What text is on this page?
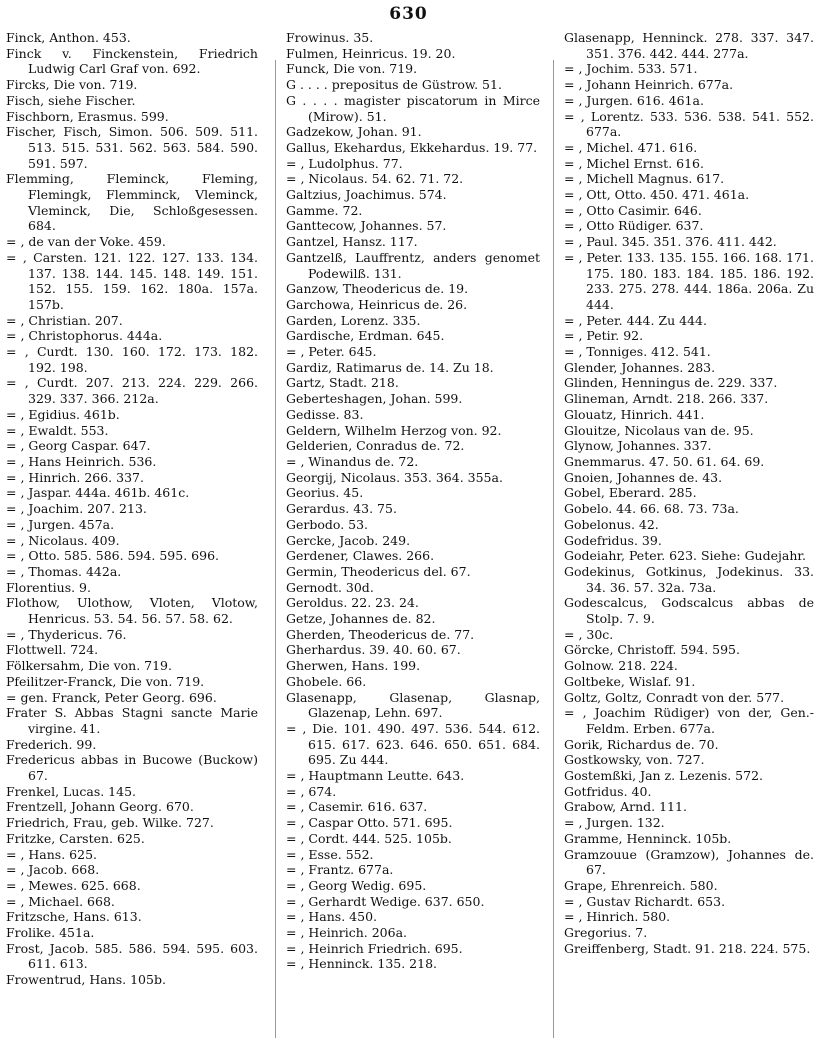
630
Finck, Anthon. 453.
Finck v. Finckenstein, Friedrich Ludwig Carl Graf von. 692.
Fircks, Die von. 719.
Fisch, siehe Fischer.
Fischborn, Erasmus. 599.
Fischer, Fisch, Simon. 506. 509. 511. 513. 515. 531. 562. 563. 584. 590. 591. 597.
Flemming, Fleminck, Fleming, Flemingk, Flemminck, Vleminck, Vleminck, Die, Schloßgesessen. 684.
= , de van der Voke. 459.
= , Carsten. 121. 122. 127. 133. 134. 137. 138. 144. 145. 148. 149. 151. 152. 155. 159. 162. 180a. 157a. 157b.
= , Christian. 207.
= , Christophorus. 444a.
= , Curdt. 130. 160. 172. 173. 182. 192. 198.
= , Curdt. 207. 213. 224. 229. 266. 329. 337. 366. 212a.
= , Egidius. 461b.
= , Ewaldt. 553.
= , Georg Caspar. 647.
= , Hans Heinrich. 536.
= , Hinrich. 266. 337.
= , Jaspar. 444a. 461b. 461c.
= , Joachim. 207. 213.
= , Jurgen. 457a.
= , Nicolaus. 409.
= , Otto. 585. 586. 594. 595. 696.
= , Thomas. 442a.
Florentius. 9.
Flothow, Ulothow, Vloten, Vlotow, Henricus. 53. 54. 56. 57. 58. 62.
= , Thydericus. 76.
Flottwell. 724.
Fölkersahm, Die von. 719.
Pfeilitzer-Franck, Die von. 719.
= gen. Franck, Peter Georg. 696.
Frater S. Abbas Stagni sancte Marie virgine. 41.
Frederich. 99.
Fredericus abbas in Bucowe (Buckow) 67.
Frenkel, Lucas. 145.
Frentzell, Johann Georg. 670.
Friedrich, Frau, geb. Wilke. 727.
Fritzke, Carsten. 625.
= , Hans. 625.
= , Jacob. 668.
= , Mewes. 625. 668.
= , Michael. 668.
Fritzsche, Hans. 613.
Frolike. 451a.
Frost, Jacob. 585. 586. 594. 595. 603. 611. 613.
Frowentrud, Hans. 105b.
Frowinus. 35.
Fulmen, Heinricus. 19. 20.
Funck, Die von. 719.
G . . . . prepositus de Güstrow. 51.
G . . . . magister piscatorum in Mirce (Mirow). 51.
Gadzekow, Johan. 91.
Gallus, Ekehardus, Ekkehardus. 19. 77.
= , Ludolphus. 77.
= , Nicolaus. 54. 62. 71. 72.
Galtzius, Joachimus. 574.
Gamme. 72.
Ganttecow, Johannes. 57.
Gantzel, Hansz. 117.
Gantzelß, Lauffrentz, anders genomet Podewilß. 131.
Ganzow, Theodericus de. 19.
Garchowa, Heinricus de. 26.
Garden, Lorenz. 335.
Gardische, Erdman. 645.
= , Peter. 645.
Gardiz, Ratimarus de. 14. Zu 18.
Gartz, Stadt. 218.
Geberteshagen, Johan. 599.
Gedisse. 83.
Geldern, Wilhelm Herzog von. 92.
Gelderien, Conradus de. 72.
= , Winandus de. 72.
Georgij, Nicolaus. 353. 364. 355a.
Georius. 45.
Gerardus. 43. 75.
Gerbodo. 53.
Gercke, Jacob. 249.
Gerdener, Clawes. 266.
Germin, Theodericus del. 67.
Gernodt. 30d.
Geroldus. 22. 23. 24.
Getze, Johannes de. 82.
Gherden, Theodericus de. 77.
Gherhardus. 39. 40. 60. 67.
Gherwen, Hans. 199.
Ghobele. 66.
Glasenapp, Glasenap, Glasnap, Glazenap, Lehn. 697.
= , Die. 101. 490. 497. 536. 544. 612. 615. 617. 623. 646. 650. 651. 684. 695. Zu 444.
= , Hauptmann Leutte. 643.
= , 674.
= , Casemir. 616. 637.
= , Caspar Otto. 571. 695.
= , Cordt. 444. 525. 105b.
= , Esse. 552.
= , Frantz. 677a.
= , Georg Wedig. 695.
= , Gerhardt Wedige. 637. 650.
= , Hans. 450.
= , Heinrich. 206a.
= , Heinrich Friedrich. 695.
= , Henninck. 135. 218.
Glasenapp, Henninck. 278. 337. 347. 351. 376. 442. 444. 277a.
= , Jochim. 533. 571.
= , Johann Heinrich. 677a.
= , Jurgen. 616. 461a.
= , Lorentz. 533. 536. 538. 541. 552. 677a.
= , Michel. 471. 616.
= , Michel Ernst. 616.
= , Michell Magnus. 617.
= , Ott, Otto. 450. 471. 461a.
= , Otto Casimir. 646.
= , Otto Rüdiger. 637.
= , Paul. 345. 351. 376. 411. 442.
= , Peter. 133. 135. 155. 166. 168. 171. 175. 180. 183. 184. 185. 186. 192. 233. 275. 278. 444. 186a. 206a. Zu 444.
= , Peter. 444. Zu 444.
= , Petir. 92.
= , Tonniges. 412. 541.
Glender, Johannes. 283.
Glinden, Henningus de. 229. 337.
Glineman, Arndt. 218. 266. 337.
Glouatz, Hinrich. 441.
Glouitze, Nicolaus van de. 95.
Glynow, Johannes. 337.
Gnemmarus. 47. 50. 61. 64. 69.
Gnoien, Johannes de. 43.
Gobel, Eberard. 285.
Gobelo. 44. 66. 68. 73. 73a.
Gobelonus. 42.
Godefridus. 39.
Godeiahr, Peter. 623. Siehe: Gudejahr.
Godekinus, Gotkinus, Jodekinus. 33. 34. 36. 57. 32a. 73a.
Godescalcus, Godscalcus abbas de Stolp. 7. 9.
= , 30c.
Görcke, Christoff. 594. 595.
Golnow. 218. 224.
Goltbeke, Wislaf. 91.
Goltz, Goltz, Conradt von der. 577.
= , Joachim Rüdiger) von der, Gen.-Feldm. Erben. 677a.
Gorik, Richardus de. 70.
Gostkowsky, von. 727.
Gostemßki, Jan z. Lezenis. 572.
Gotfridus. 40.
Grabow, Arnd. 111.
= , Jurgen. 132.
Gramme, Henninck. 105b.
Gramzouue (Gramzow), Johannes de. 67.
Grape, Ehrenreich. 580.
= , Gustav Richardt. 653.
= , Hinrich. 580.
Gregorius. 7.
Greiffenberg, Stadt. 91. 218. 224. 575.
